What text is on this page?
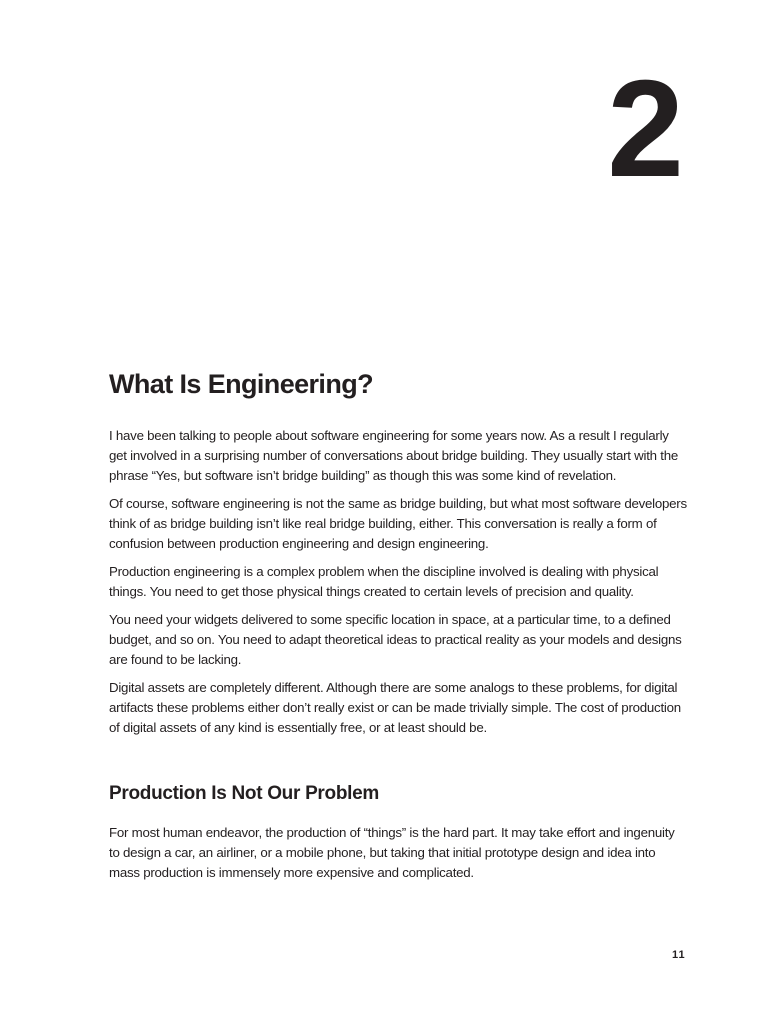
2
What Is Engineering?

I have been talking to people about software engineering for some years now. As a result I regularly get involved in a surprising number of conversations about bridge building. They usually start with the phrase “Yes, but software isn’t bridge building” as though this was some kind of revelation.

Of course, software engineering is not the same as bridge building, but what most software developers think of as bridge building isn’t like real bridge building, either. This conversation is really a form of confusion between production engineering and design engineering.

Production engineering is a complex problem when the discipline involved is dealing with physical things. You need to get those physical things created to certain levels of precision and quality.

You need your widgets delivered to some specific location in space, at a particular time, to a defined budget, and so on. You need to adapt theoretical ideas to practical reality as your models and designs are found to be lacking.

Digital assets are completely different. Although there are some analogs to these problems, for digital artifacts these problems either don’t really exist or can be made trivially simple. The cost of production of digital assets of any kind is essentially free, or at least should be.

Production Is Not Our Problem

For most human endeavor, the production of “things” is the hard part. It may take effort and ingenuity to design a car, an airliner, or a mobile phone, but taking that initial prototype design and idea into mass production is immensely more expensive and complicated.

11
